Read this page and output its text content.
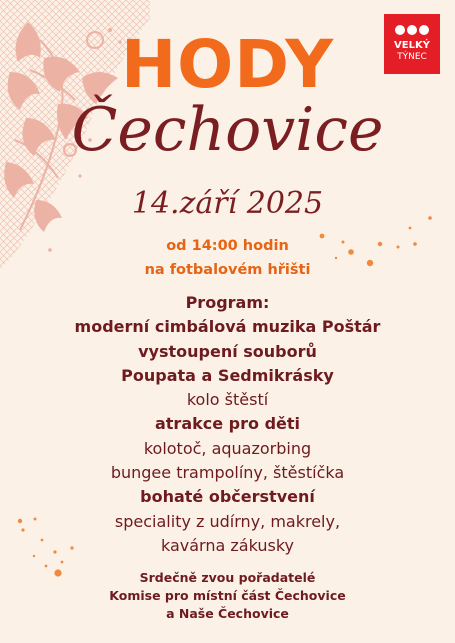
VELKÝ
TÝNEC
HODY
Čechovice
14.září 2025
od 14:00 hodin
na fotbalovém hřišti
Program:
moderní cimbálová muzika Poštár
vystoupení souborů
Poupata a Sedmikrásky
kolo štěstí
atrakce pro děti
kolotoč, aquazorbing
bungee trampolíny, štěstíčka
bohaté občerstvení
speciality z udírny, makrely,
kavárna zákusky
Srdečně zvou pořadatelé
Komise pro místní část Čechovice
a Naše Čechovice
